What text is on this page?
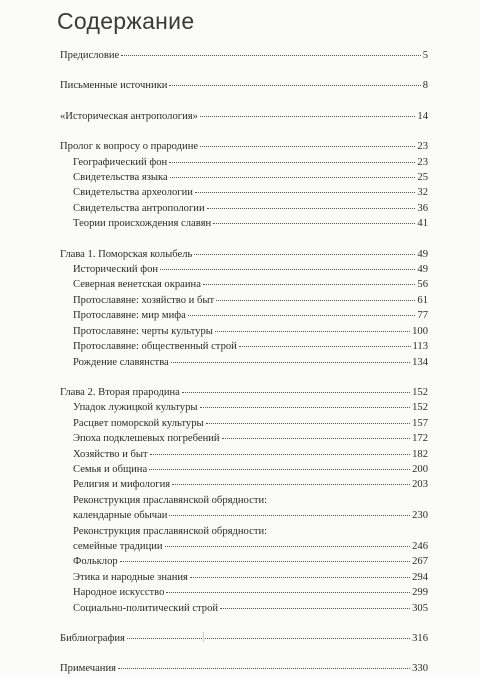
Содержание
Предисловие	5
Письменные источники	8
«Историческая антропология»	14
Пролог к вопросу о прародине	23
Географический фон	23
Свидетельства языка	25
Свидетельства археологии	32
Свидетельства антропологии	36
Теории происхождения славян	41
Глава 1. Поморская колыбель	49
Исторический фон	49
Северная венетская окраина	56
Протославяне: хозяйство и быт	61
Протославяне: мир мифа	77
Протославяне: черты культуры	100
Протославяне: общественный строй	113
Рождение славянства	134
Глава 2. Вторая прародина	152
Упадок лужицкой культуры	152
Расцвет поморской культуры	157
Эпоха подклешевых погребений	172
Хозяйство и быт	182
Семья и община	200
Религия и мифология	203
Реконструкция праславянской обрядности:
календарные обычаи	230
Реконструкция праславянской обрядности:
семейные традиции	246
Фольклор	267
Этика и народные знания	294
Народное искусство	299
Социально-политический строй	305
Библиография	316
Примечания	330
